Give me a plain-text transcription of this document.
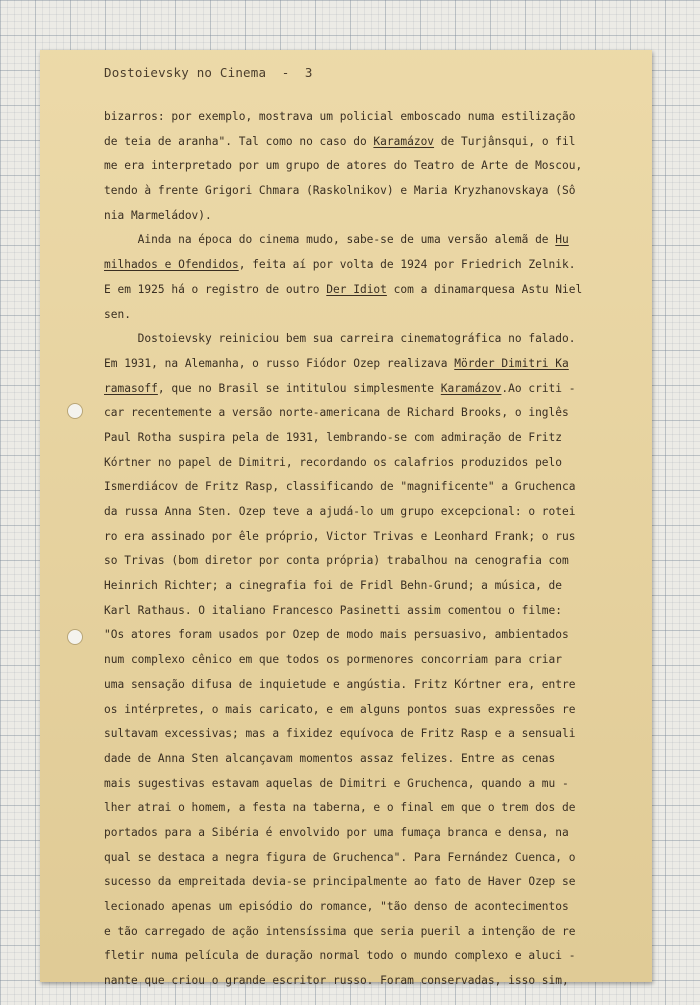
Dostoievsky no Cinema  -  3
bizarros: por exemplo, mostrava um policial emboscado numa estilização
de teia de aranha". Tal como no caso do Karamázov de Turjânsqui, o fil
me era interpretado por um grupo de atores do Teatro de Arte de Moscou,
tendo à frente Grigori Chmara (Raskolnikov) e Maria Kryzhanovskaya (Sô
nia Marmeládov).
Ainda na época do cinema mudo, sabe-se de uma versão alemã de Hu
milhados e Ofendidos, feita aí por volta de 1924 por Friedrich Zelnik.
E em 1925 há o registro de outro Der Idiot com a dinamarquesa Astu Niel
sen.
Dostoievsky reiniciou bem sua carreira cinematográfica no falado.
Em 1931, na Alemanha, o russo Fiódor Ozep realizava Mörder Dimitri Ka
ramasoff, que no Brasil se intitulou simplesmente Karamázov.Ao criti -
car recentemente a versão norte-americana de Richard Brooks, o inglês
Paul Rotha suspira pela de 1931, lembrando-se com admiração de Fritz
Kórtner no papel de Dimitri, recordando os calafrios produzidos pelo
Ismerdiácov de Fritz Rasp, classificando de "magnificente" a Gruchenca
da russa Anna Sten. Ozep teve a ajudá-lo um grupo excepcional: o rotei
ro era assinado por êle próprio, Victor Trivas e Leonhard Frank; o rus
so Trivas (bom diretor por conta própria) trabalhou na cenografia com
Heinrich Richter; a cinegrafia foi de Fridl Behn-Grund; a música, de
Karl Rathaus. O italiano Francesco Pasinetti assim comentou o filme:
"Os atores foram usados por Ozep de modo mais persuasivo, ambientados
num complexo cênico em que todos os pormenores concorriam para criar
uma sensação difusa de inquietude e angústia. Fritz Kórtner era, entre
os intérpretes, o mais caricato, e em alguns pontos suas expressões re
sultavam excessivas; mas a fixidez equívoca de Fritz Rasp e a sensuali
dade de Anna Sten alcançavam momentos assaz felizes. Entre as cenas
mais sugestivas estavam aquelas de Dimitri e Gruchenca, quando a mu -
lher atrai o homem, a festa na taberna, e o final em que o trem dos de
portados para a Sibéria é envolvido por uma fumaça branca e densa, na
qual se destaca a negra figura de Gruchenca". Para Fernández Cuenca, o
sucesso da empreitada devia-se principalmente ao fato de Haver Ozep se
lecionado apenas um episódio do romance, "tão denso de acontecimentos
e tão carregado de ação intensíssima que seria pueril a intenção de re
fletir numa película de duração normal todo o mundo complexo e aluci -
nante que criou o grande escritor russo. Foram conservadas, isso sim,
